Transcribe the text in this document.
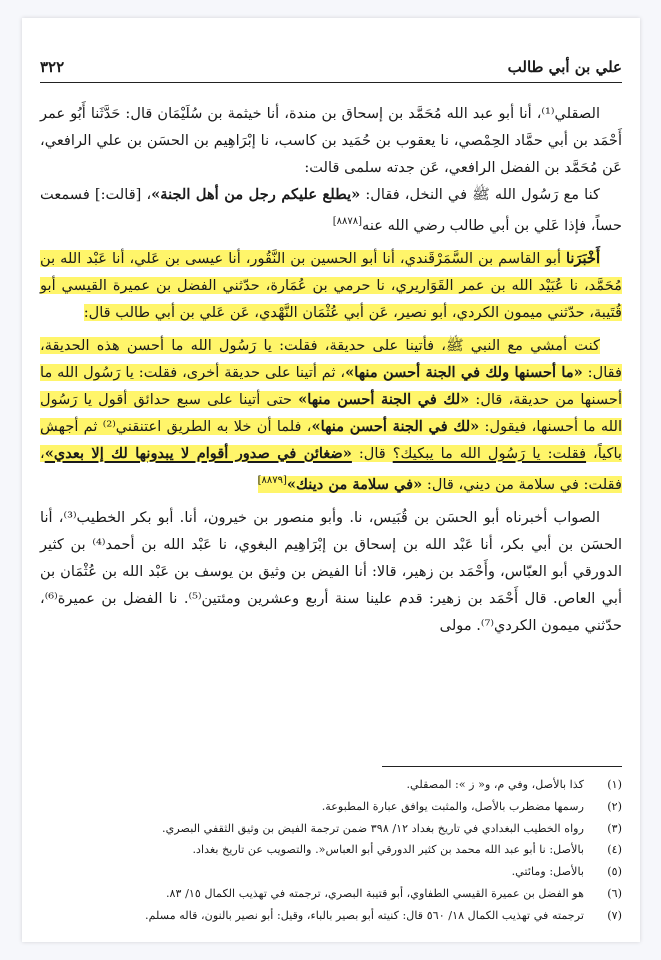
٣٢٢	علي بن أبي طالب

الصقلي⁽¹⁾، أنا أبو عبد الله مُحَمَّد بن إسحاق بن مندة، أنا خيثمة بن سُلَيْمَان قال: حَدَّثَنا أَبُو عمر أَحْمَد بن أبي حمَّاد الحِمْصي، نا يعقوب بن حُمَيد بن كاسب، نا إبْرَاهِيم بن الحسَن بن علي الرافعي، عَن مُحَمَّد بن الفضل الرافعي، عَن جدته سلمى قالت:

كنا مع رَسُول الله ﷺ في النخل، فقال: «يطلع عليكم رجل من أهل الجنة»، [قالت:] فسمعت حساً، فإذا عَلي بن أبي طالب رضي الله عنه[٨٨٧٨]

أَخْبَرَنا أبو القاسم بن السَّمَرْقَندي، أنا أبو الحسين بن النَّقُور، أنا عيسى بن عَلي، أنا عَبْد الله بن مُحَمَّد، نا عُبَيْد الله بن عمر القَوَاريري، نا حرمي بن عُمَارة، حدّثني الفضل بن عميرة القيسي أبو قُتَيبة، حدّثني ميمون الكردي، أبو نصير، عَن أبي عُثْمَان النَّهْدي، عَن عَلي بن أبي طالب قال:

كنت أمشي مع النبي ﷺ، فأتينا على حديقة، فقلت: يا رَسُول الله ما أحسن هذه الحديقة، فقال: «ما أحسنها ولك في الجنة أحسن منها»، ثم أتينا على حديقة أخرى، فقلت: يا رَسُول الله ما أحسنها من حديقة، قال: «لك في الجنة أحسن منها» حتى أتينا على سبع حدائق أقول يا رَسُول الله ما أحسنها، فيقول: «لك في الجنة أحسن منها»، فلما أن خلا به الطريق اعتنقني⁽²⁾ ثم أجهش باكياً، فقلت: يا رَسُول الله ما يبكيك؟ قال: «ضغائن في صدور أقوام لا يبدونها لك إلا بعدي»، فقلت: في سلامة من ديني، قال: «في سلامة من دينك»[٨٨٧٩]

الصواب أخبرناه أبو الحسَن بن قُبَيس، نا. وأبو منصور بن خيرون، أنا. أبو بكر الخطيب⁽³⁾، أنا الحسَن بن أبي بكر، أنا عَبْد الله بن إسحاق بن إبْرَاهِيم البغوي، نا عَبْد الله بن أحمد⁽⁴⁾ بن كثير الدورقي أبو العبّاس، وأَحْمَد بن زهير، قالا: أنا الفيض بن وثيق بن يوسف بن عَبْد الله بن عُثْمَان بن أبي العاص. قال أَحْمَد بن زهير: قدم علينا سنة أربع وعشرين ومئتين⁽⁵⁾. نا الفضل بن عميرة⁽⁶⁾، حدّثني ميمون الكردي⁽⁷⁾. مولى

(١)
كذا بالأصل، وفي م، و« ز »: المصقلي.
(٢)
رسمها مضطرب بالأصل، والمثبت يوافق عبارة المطبوعة.
(٣)
رواه الخطيب البغدادي في تاريخ بغداد ١٢/ ٣٩٨ ضمن ترجمة الفيض بن وثيق الثقفي البصري.
(٤)
بالأصل: نا أبو عبد الله محمد بن كثير الدورقي أبو العباس«. والتصويب عن تاريخ بغداد.
(٥)
بالأصل: ومائتي.
(٦)
هو الفضل بن عميرة القيسي الطفاوي، أبو قتيبة البصري، ترجمته في تهذيب الكمال ١٥/ ٨٣.
(٧)
ترجمته في تهذيب الكمال ١٨/ ٥٦٠ قال: كنيته أبو بصير بالباء، وقيل: أبو نصير بالنون، قاله مسلم.
